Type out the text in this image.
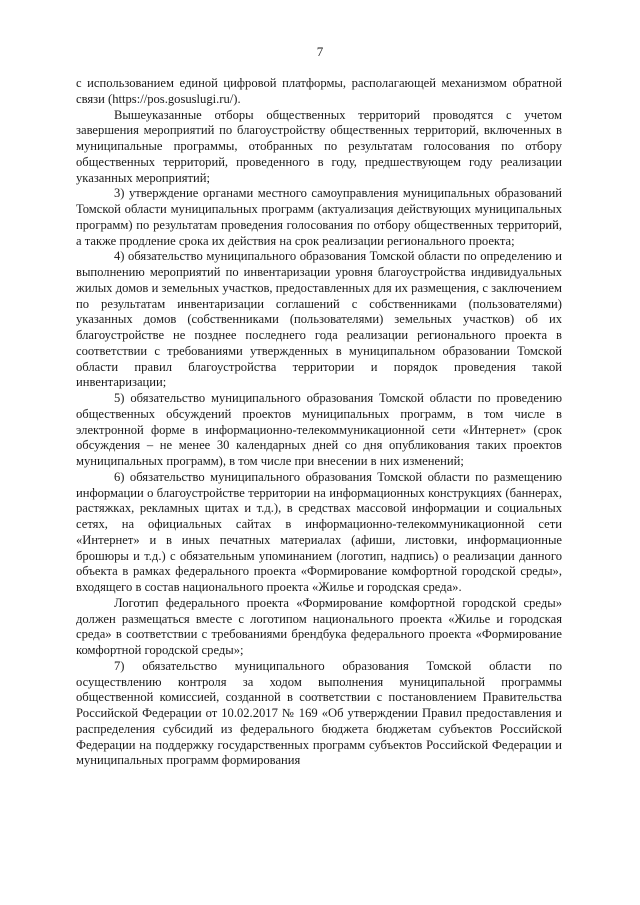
7

с использованием единой цифровой платформы, располагающей механизмом обратной связи (https://pos.gosuslugi.ru/).

Вышеуказанные отборы общественных территорий проводятся с учетом завершения мероприятий по благоустройству общественных территорий, включенных в муниципальные программы, отобранных по результатам голосования по отбору общественных территорий, проведенного в году, предшествующем году реализации указанных мероприятий;

3) утверждение органами местного самоуправления муниципальных образований Томской области муниципальных программ (актуализация действующих муниципальных программ) по результатам проведения голосования по отбору общественных территорий, а также продление срока их действия на срок реализации регионального проекта;

4) обязательство муниципального образования Томской области по определению и выполнению мероприятий по инвентаризации уровня благоустройства индивидуальных жилых домов и земельных участков, предоставленных для их размещения, с заключением по результатам инвентаризации соглашений с собственниками (пользователями) указанных домов (собственниками (пользователями) земельных участков) об их благоустройстве не позднее последнего года реализации регионального проекта в соответствии с требованиями утвержденных в муниципальном образовании Томской области правил благоустройства территории и порядок проведения такой инвентаризации;

5) обязательство муниципального образования Томской области по проведению общественных обсуждений проектов муниципальных программ, в том числе в электронной форме в информационно-телекоммуникационной сети «Интернет» (срок обсуждения – не менее 30 календарных дней со дня опубликования таких проектов муниципальных программ), в том числе при внесении в них изменений;

6) обязательство муниципального образования Томской области по размещению информации о благоустройстве территории на информационных конструкциях (баннерах, растяжках, рекламных щитах и т.д.), в средствах массовой информации и социальных сетях, на официальных сайтах в информационно-телекоммуникационной сети «Интернет» и в иных печатных материалах (афиши, листовки, информационные брошюры и т.д.) с обязательным упоминанием (логотип, надпись) о реализации данного объекта в рамках федерального проекта «Формирование комфортной городской среды», входящего в состав национального проекта «Жилье и городская среда».

Логотип федерального проекта «Формирование комфортной городской среды» должен размещаться вместе с логотипом национального проекта «Жилье и городская среда» в соответствии с требованиями брендбука федерального проекта «Формирование комфортной городской среды»;

7) обязательство муниципального образования Томской области по осуществлению контроля за ходом выполнения муниципальной программы общественной комиссией, созданной в соответствии с постановлением Правительства Российской Федерации от 10.02.2017 № 169 «Об утверждении Правил предоставления и распределения субсидий из федерального бюджета бюджетам субъектов Российской Федерации на поддержку государственных программ субъектов Российской Федерации и муниципальных программ формирования
